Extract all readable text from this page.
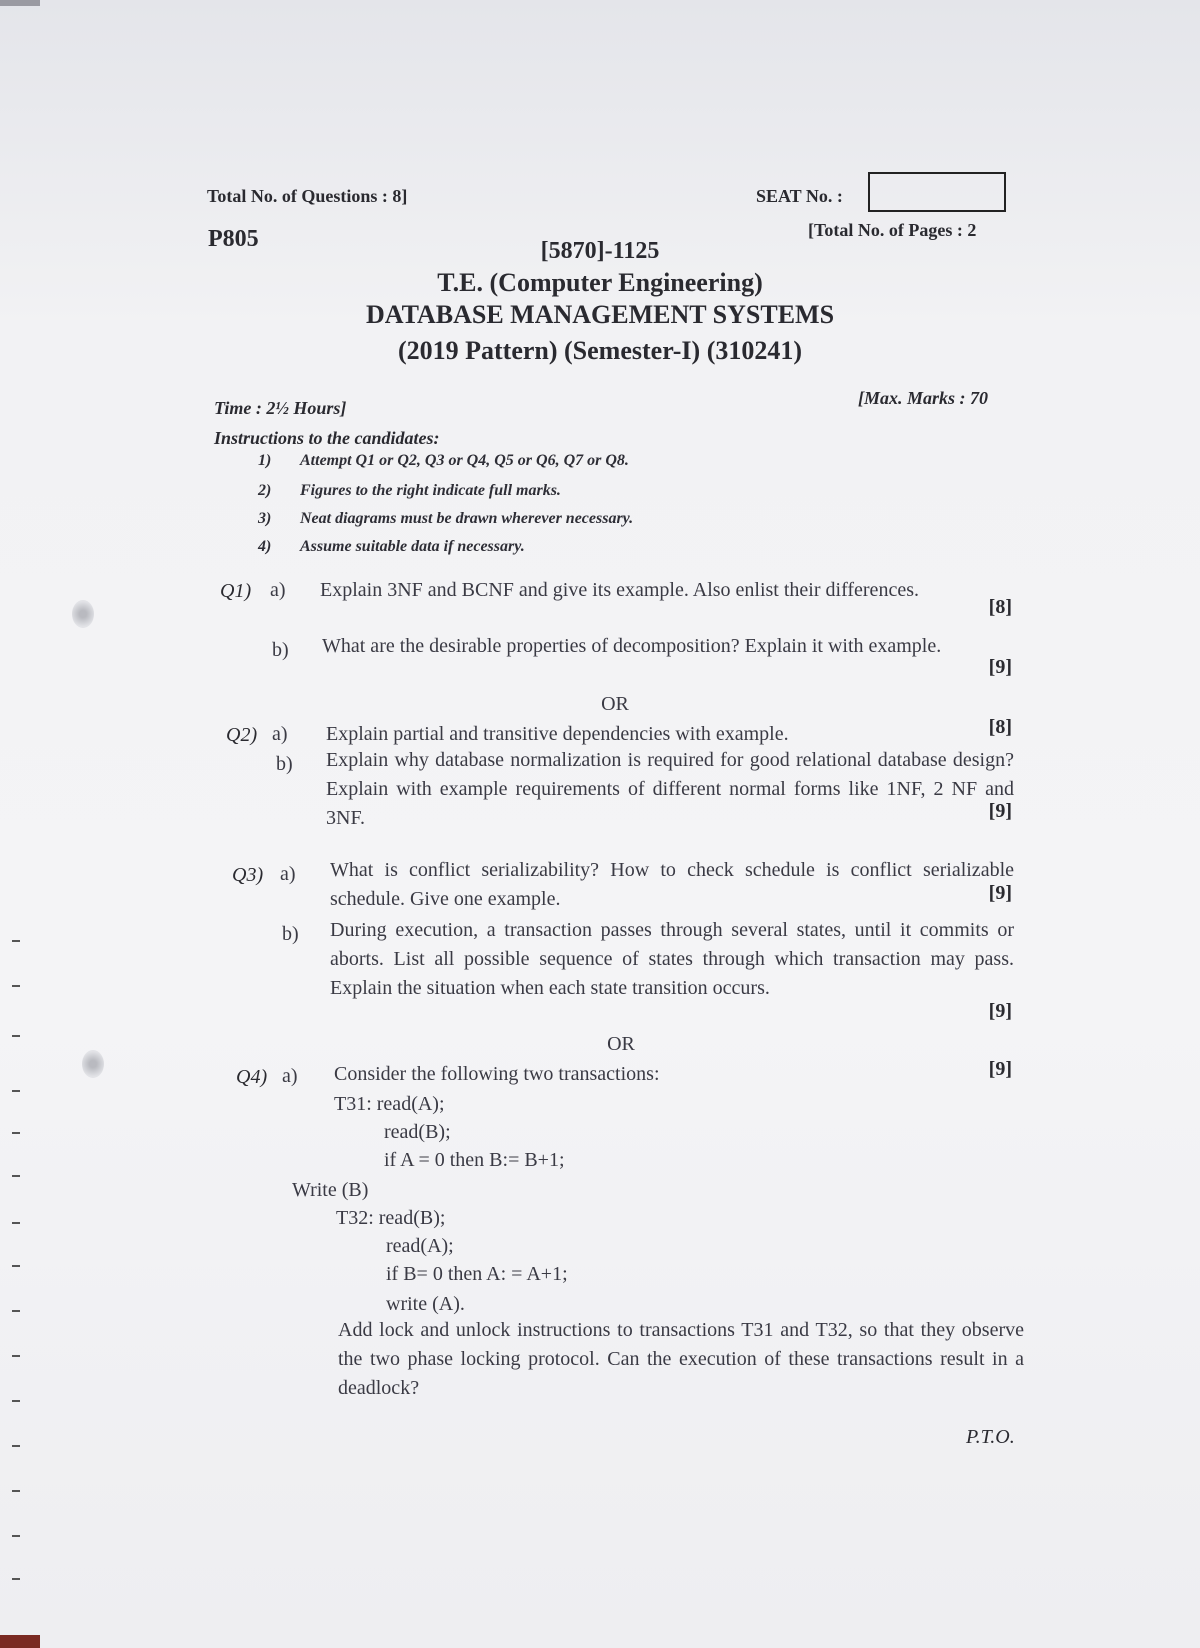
Total No. of Questions : 8]	SEAT No. :
P805	[Total No. of Pages : 2
[5870]-1125
T.E. (Computer Engineering)
DATABASE MANAGEMENT SYSTEMS
(2019 Pattern) (Semester-I) (310241)
Time : 2½ Hours]	[Max. Marks : 70
Instructions to the candidates:
1) Attempt Q1 or Q2, Q3 or Q4, Q5 or Q6, Q7 or Q8.
2) Figures to the right indicate full marks.
3) Neat diagrams must be drawn wherever necessary.
4) Assume suitable data if necessary.
Q1) a) Explain 3NF and BCNF and give its example. Also enlist their differences.
[8]
b) What are the desirable properties of decomposition? Explain it with example.
[9]
OR
Q2) a) Explain partial and transitive dependencies with example.	[8]
b) Explain why database normalization is required for good relational database design? Explain with example requirements of different normal forms like 1NF, 2 NF and 3NF.	[9]
Q3) a) What is conflict serializability? How to check schedule is conflict serializable schedule. Give one example.	[9]
b) During execution, a transaction passes through several states, until it commits or aborts. List all possible sequence of states through which transaction may pass. Explain the situation when each state transition occurs.
[9]
OR
Q4) a) Consider the following two transactions:	[9]
T31: read(A);
read(B);
if A = 0 then B:= B+1;
Write (B)
T32: read(B);
read(A);
if B= 0 then A: = A+1;
write (A).
Add lock and unlock instructions to transactions T31 and T32, so that they observe the two phase locking protocol. Can the execution of these transactions result in a deadlock?
P.T.O.
